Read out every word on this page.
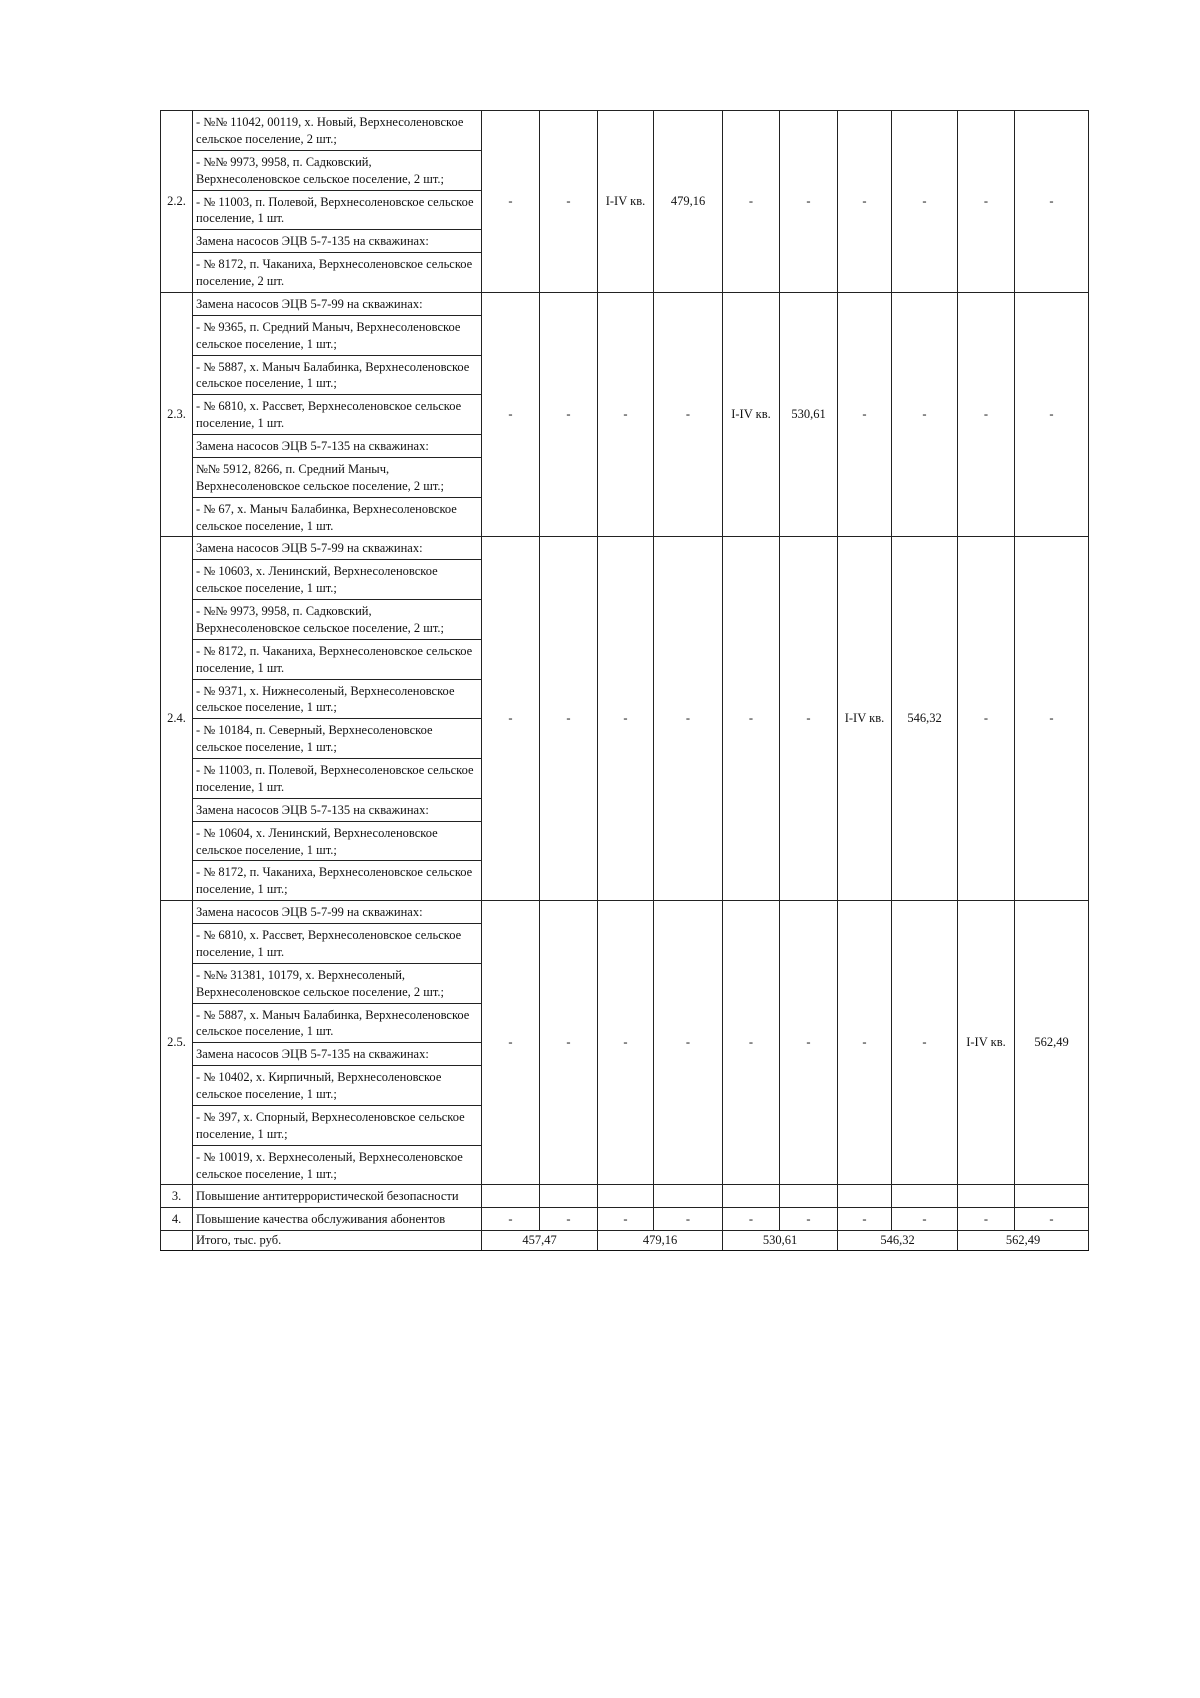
2.2.	- №№ 11042, 00119, х. Новый, Верхнесоленовское сельское поселение, 2 шт.;	-	-	I-IV кв.	479,16	-	-	-	-	-	-
	- №№ 9973, 9958, п. Садковский, Верхнесоленовское сельское поселение, 2 шт.;										
	- № 11003, п. Полевой, Верхнесоленовское сельское поселение, 1 шт.										
	Замена насосов ЭЦВ 5-7-135 на скважинах:										
	- № 8172, п. Чаканиха, Верхнесоленовское сельское поселение, 2 шт.										
2.3.	Замена насосов ЭЦВ 5-7-99 на скважинах:	-	-	-	-	I-IV кв.	530,61	-	-	-	-
	- № 9365, п. Средний Маныч, Верхнесоленовское сельское поселение, 1 шт.;										
	- № 5887, х. Маныч Балабинка, Верхнесоленовское сельское поселение, 1 шт.;										
	- № 6810, х. Рассвет, Верхнесоленовское сельское поселение, 1 шт.										
	Замена насосов ЭЦВ 5-7-135 на скважинах:										
	№№ 5912, 8266, п. Средний Маныч, Верхнесоленовское сельское поселение, 2 шт.;										
	- № 67, х. Маныч Балабинка, Верхнесоленовское сельское поселение, 1 шт.										
2.4.	Замена насосов ЭЦВ 5-7-99 на скважинах:	-	-	-	-	-	-	I-IV кв.	546,32	-	-
	- № 10603, х. Ленинский, Верхнесоленовское сельское поселение, 1 шт.;										
	- №№ 9973, 9958, п. Садковский, Верхнесоленовское сельское поселение, 2 шт.;										
	- № 8172, п. Чаканиха, Верхнесоленовское сельское поселение, 1 шт.										
	- № 9371, х. Нижнесоленый, Верхнесоленовское сельское поселение, 1 шт.;										
	- № 10184, п. Северный, Верхнесоленовское сельское поселение, 1 шт.;										
	- № 11003, п. Полевой, Верхнесоленовское сельское поселение, 1 шт.										
	Замена насосов ЭЦВ 5-7-135 на скважинах:										
	- № 10604, х. Ленинский, Верхнесоленовское сельское поселение, 1 шт.;										
	- № 8172, п. Чаканиха, Верхнесоленовское сельское поселение, 1 шт.;										
2.5.	Замена насосов ЭЦВ 5-7-99 на скважинах:	-	-	-	-	-	-	-	-	I-IV кв.	562,49
	- № 6810, х. Рассвет, Верхнесоленовское сельское поселение, 1 шт.										
	- №№ 31381, 10179, х. Верхнесоленый, Верхнесоленовское сельское поселение, 2 шт.;										
	- № 5887, х. Маныч Балабинка, Верхнесоленовское сельское поселение, 1 шт.										
	Замена насосов ЭЦВ 5-7-135 на скважинах:										
	- № 10402, х. Кирпичный, Верхнесоленовское сельское поселение, 1 шт.;										
	- № 397, х. Спорный, Верхнесоленовское сельское поселение, 1 шт.;										
	- № 10019, х. Верхнесоленый, Верхнесоленовское сельское поселение, 1 шт.;										
3.	Повышение антитеррористической безопасности										
4.	Повышение качества обслуживания абонентов	-	-	-	-	-	-	-	-	-	-
	Итого, тыс. руб.	457,47		479,16		530,61		546,32		562,49	
